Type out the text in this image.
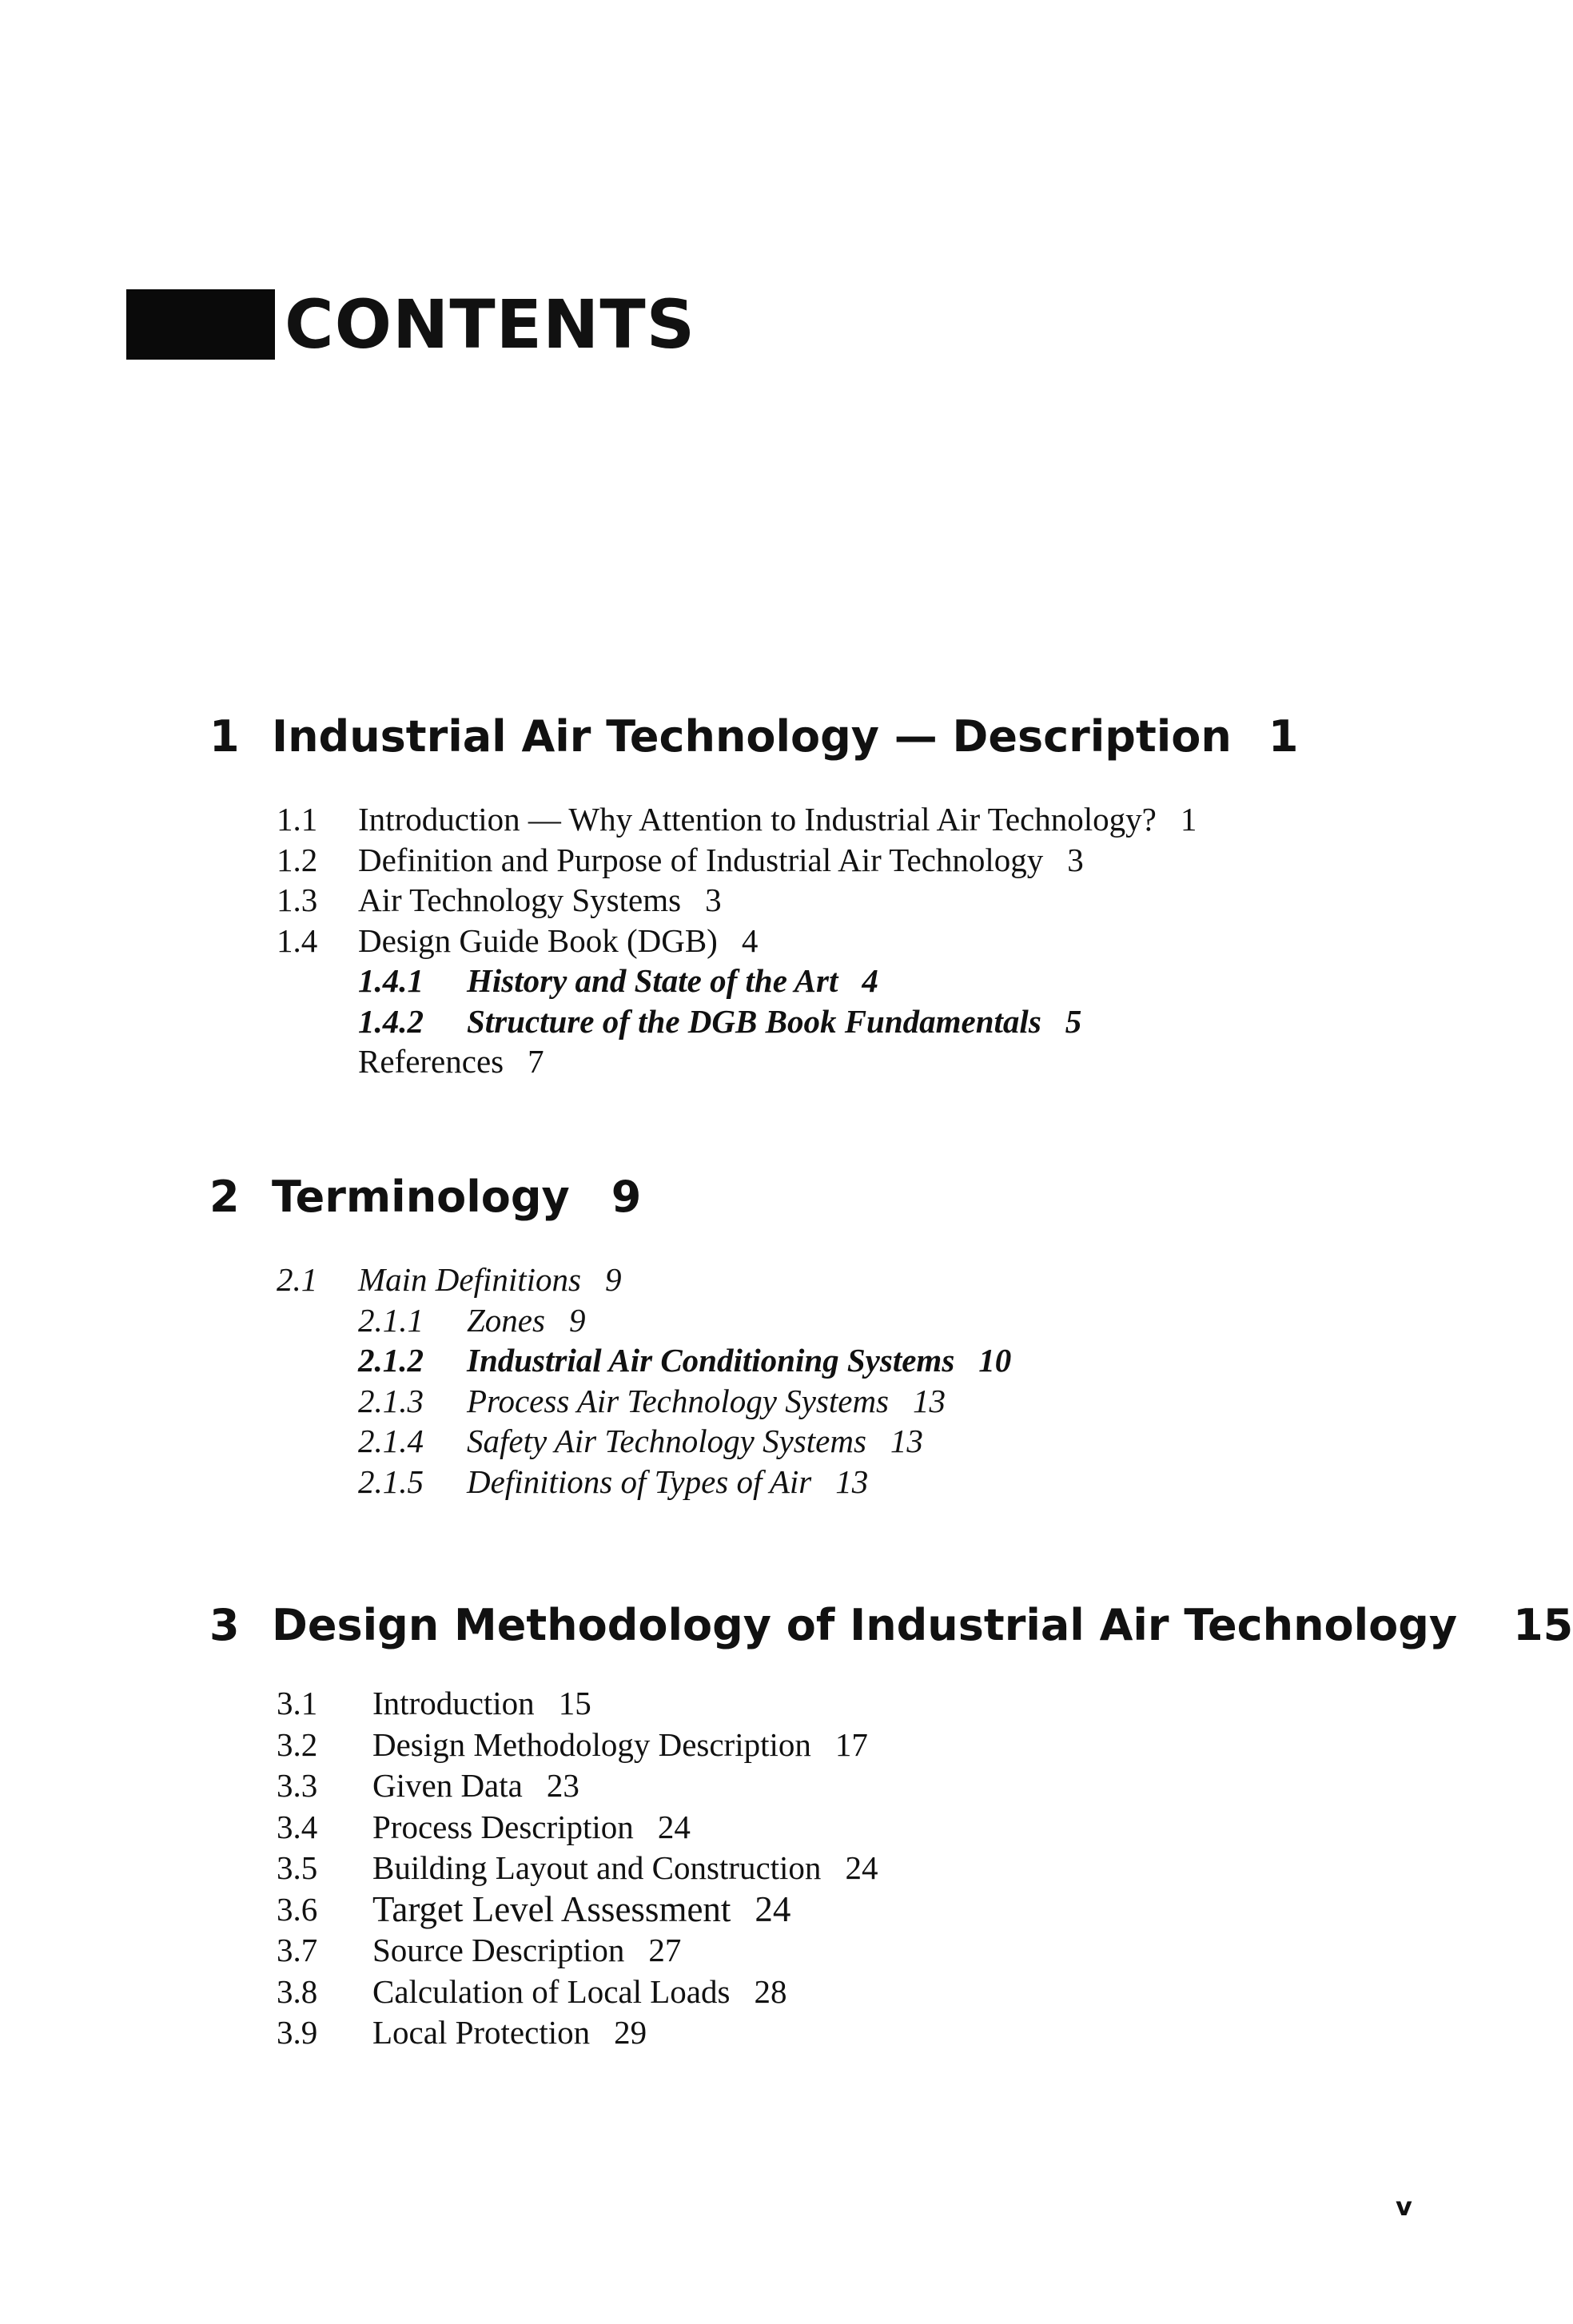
CONTENTS
1 Industrial Air Technology — Description 1
1.1 Introduction — Why Attention to Industrial Air Technology? 1
1.2 Definition and Purpose of Industrial Air Technology 3
1.3 Air Technology Systems 3
1.4 Design Guide Book (DGB) 4
1.4.1 History and State of the Art 4
1.4.2 Structure of the DGB Book Fundamentals 5
References 7
2 Terminology 9
2.1 Main Definitions 9
2.1.1 Zones 9
2.1.2 Industrial Air Conditioning Systems 10
2.1.3 Process Air Technology Systems 13
2.1.4 Safety Air Technology Systems 13
2.1.5 Definitions of Types of Air 13
3 Design Methodology of Industrial Air Technology 15
3.1 Introduction 15
3.2 Design Methodology Description 17
3.3 Given Data 23
3.4 Process Description 24
3.5 Building Layout and Construction 24
3.6 Target Level Assessment 24
3.7 Source Description 27
3.8 Calculation of Local Loads 28
3.9 Local Protection 29
v
